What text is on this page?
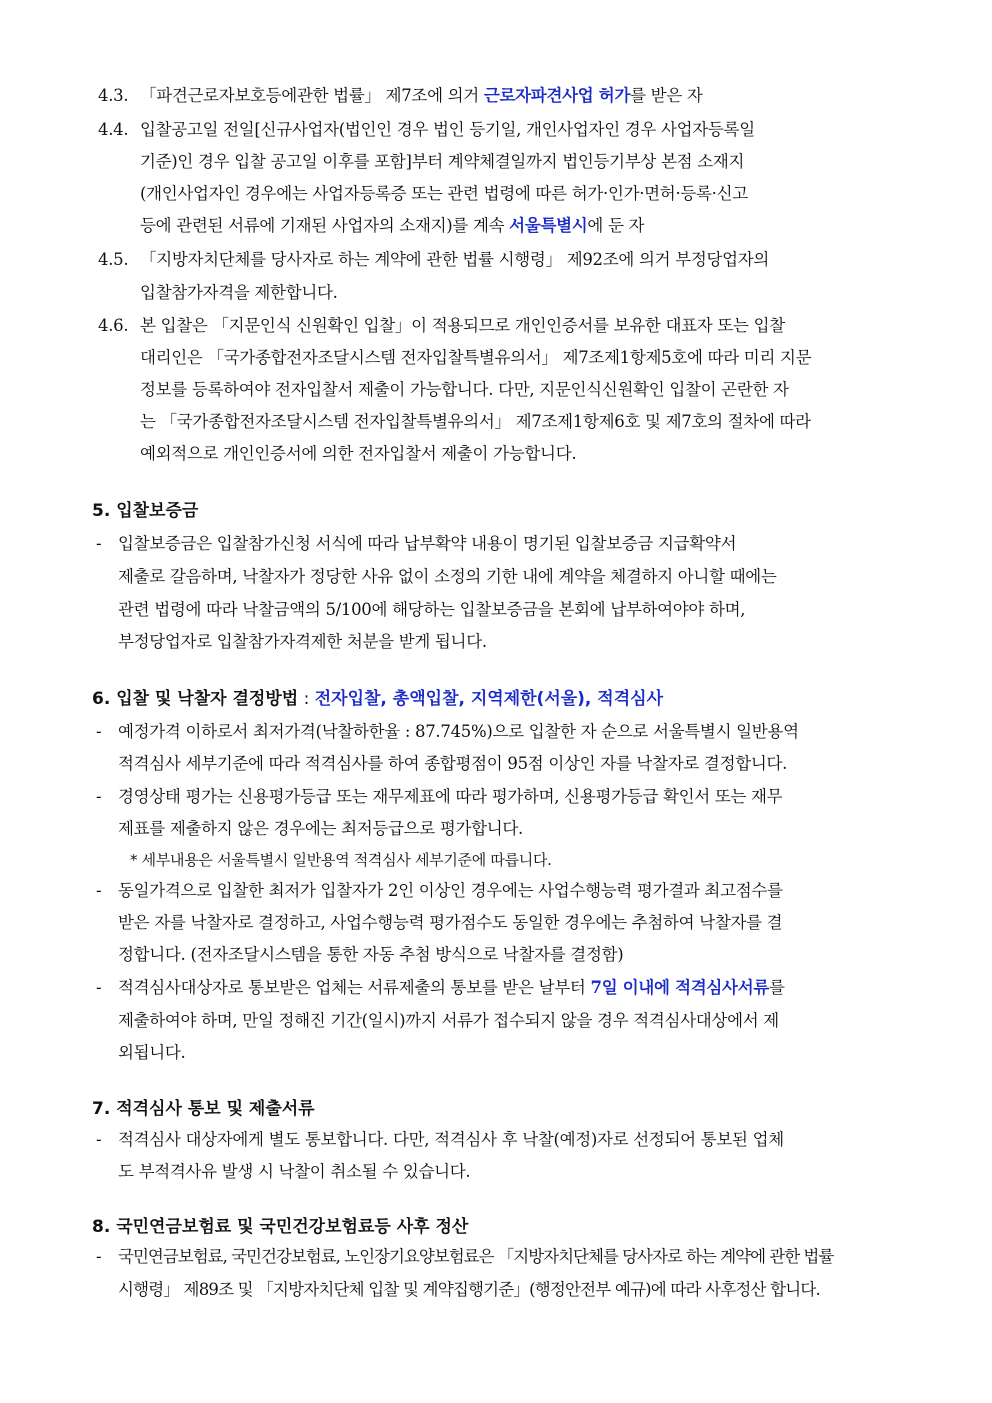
4.3. 「파견근로자보호등에관한 법률」 제7조에 의거 근로자파견사업 허가를 받은 자
4.4. 입찰공고일 전일[신규사업자(법인인 경우 법인 등기일, 개인사업자인 경우 사업자등록일
기준)인 경우 입찰 공고일 이후를 포함]부터 계약체결일까지 법인등기부상 본점 소재지
(개인사업자인 경우에는 사업자등록증 또는 관련 법령에 따른 허가·인가·면허·등록·신고
등에 관련된 서류에 기재된 사업자의 소재지)를 계속 서울특별시에 둔 자
4.5. 「지방자치단체를 당사자로 하는 계약에 관한 법률 시행령」 제92조에 의거 부정당업자의
입찰참가자격을 제한합니다.
4.6. 본 입찰은 「지문인식 신원확인 입찰」이 적용되므로 개인인증서를 보유한 대표자 또는 입찰
대리인은 「국가종합전자조달시스템 전자입찰특별유의서」 제7조제1항제5호에 따라 미리 지문
정보를 등록하여야 전자입찰서 제출이 가능합니다. 다만, 지문인식신원확인 입찰이 곤란한 자
는 「국가종합전자조달시스템 전자입찰특별유의서」 제7조제1항제6호 및 제7호의 절차에 따라
예외적으로 개인인증서에 의한 전자입찰서 제출이 가능합니다.
5. 입찰보증금
- 입찰보증금은 입찰참가신청 서식에 따라 납부확약 내용이 명기된 입찰보증금 지급확약서
제출로 갈음하며, 낙찰자가 정당한 사유 없이 소정의 기한 내에 계약을 체결하지 아니할 때에는
관련 법령에 따라 낙찰금액의 5/100에 해당하는 입찰보증금을 본회에 납부하여야야 하며,
부정당업자로 입찰참가자격제한 처분을 받게 됩니다.
6. 입찰 및 낙찰자 결정방법 : 전자입찰, 총액입찰, 지역제한(서울), 적격심사
- 예정가격 이하로서 최저가격(낙찰하한율 : 87.745%)으로 입찰한 자 순으로 서울특별시 일반용역
적격심사 세부기준에 따라 적격심사를 하여 종합평점이 95점 이상인 자를 낙찰자로 결정합니다.
- 경영상태 평가는 신용평가등급 또는 재무제표에 따라 평가하며, 신용평가등급 확인서 또는 재무
제표를 제출하지 않은 경우에는 최저등급으로 평가합니다.
* 세부내용은 서울특별시 일반용역 적격심사 세부기준에 따릅니다.
- 동일가격으로 입찰한 최저가 입찰자가 2인 이상인 경우에는 사업수행능력 평가결과 최고점수를
받은 자를 낙찰자로 결정하고, 사업수행능력 평가점수도 동일한 경우에는 추첨하여 낙찰자를 결
정합니다. (전자조달시스템을 통한 자동 추첨 방식으로 낙찰자를 결정함)
- 적격심사대상자로 통보받은 업체는 서류제출의 통보를 받은 날부터 7일 이내에 적격심사서류를
제출하여야 하며, 만일 정해진 기간(일시)까지 서류가 접수되지 않을 경우 적격심사대상에서 제
외됩니다.
7. 적격심사 통보 및 제출서류
- 적격심사 대상자에게 별도 통보합니다. 다만, 적격심사 후 낙찰(예정)자로 선정되어 통보된 업체
도 부적격사유 발생 시 낙찰이 취소될 수 있습니다.
8. 국민연금보험료 및 국민건강보험료등 사후 정산
- 국민연금보험료, 국민건강보험료, 노인장기요양보험료은 「지방자치단체를 당사자로 하는 계약에 관한 법률
시행령」 제89조 및 「지방자치단체 입찰 및 계약집행기준」(행정안전부 예규)에 따라 사후정산 합니다.
